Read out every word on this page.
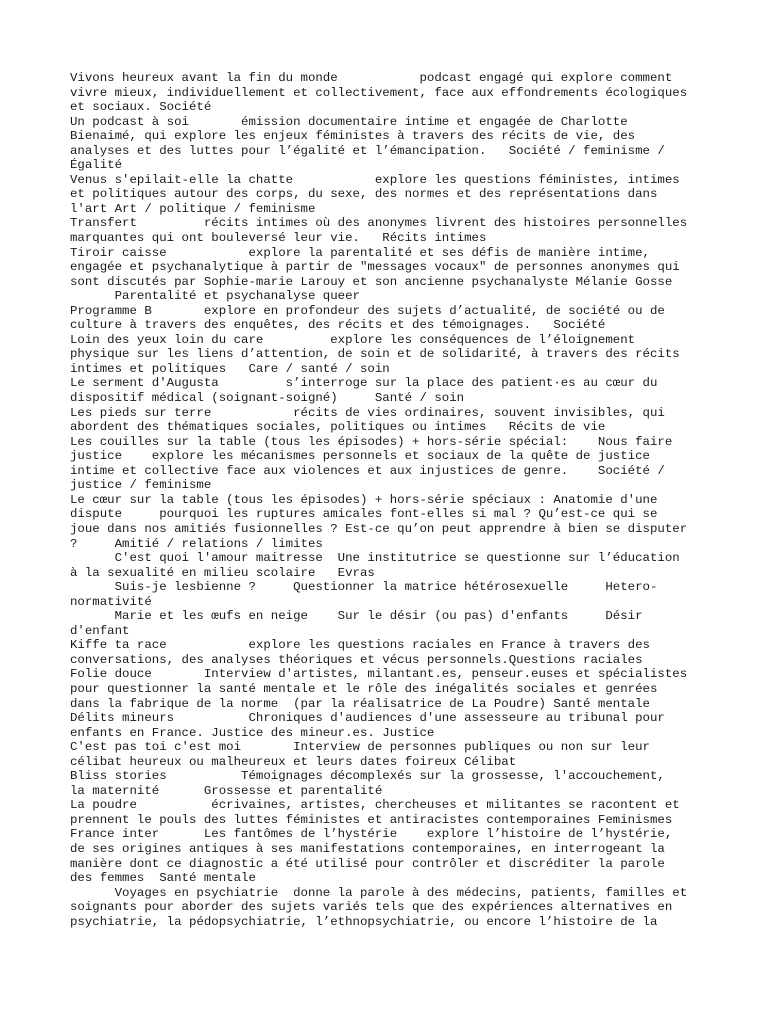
Vivons heureux avant la fin du monde           podcast engagé qui explore comment
vivre mieux, individuellement et collectivement, face aux effondrements écologiques
et sociaux. Société
Un podcast à soi       émission documentaire intime et engagée de Charlotte
Bienaimé, qui explore les enjeux féministes à travers des récits de vie, des
analyses et des luttes pour l’égalité et l’émancipation.   Société / feminisme /
Égalité
Venus s'epilait-elle la chatte           explore les questions féministes, intimes
et politiques autour des corps, du sexe, des normes et des représentations dans
l'art Art / politique / feminisme
Transfert         récits intimes où des anonymes livrent des histoires personnelles
marquantes qui ont bouleversé leur vie.   Récits intimes
Tiroir caisse           explore la parentalité et ses défis de manière intime,
engagée et psychanalytique à partir de "messages vocaux" de personnes anonymes qui
sont discutés par Sophie-marie Larouy et son ancienne psychanalyste Mélanie Gosse
Parentalité et psychanalyse queer
Programme B       explore en profondeur des sujets d’actualité, de société ou de
culture à travers des enquêtes, des récits et des témoignages.   Société
Loin des yeux loin du care         explore les conséquences de l’éloignement
physique sur les liens d’attention, de soin et de solidarité, à travers des récits
intimes et politiques   Care / santé / soin
Le serment d'Augusta         s’interroge sur la place des patient·es au cœur du
dispositif médical (soignant-soigné)     Santé / soin
Les pieds sur terre           récits de vies ordinaires, souvent invisibles, qui
abordent des thématiques sociales, politiques ou intimes   Récits de vie
Les couilles sur la table (tous les épisodes) + hors-série spécial:    Nous faire
justice    explore les mécanismes personnels et sociaux de la quête de justice
intime et collective face aux violences et aux injustices de genre.    Société /
justice / feminisme
Le cœur sur la table (tous les épisodes) + hors-série spéciaux : Anatomie d'une
dispute     pourquoi les ruptures amicales font-elles si mal ? Qu’est-ce qui se
joue dans nos amitiés fusionnelles ? Est-ce qu’on peut apprendre à bien se disputer
?     Amitié / relations / limites
C'est quoi l'amour maitresse  Une institutrice se questionne sur l’éducation
à la sexualité en milieu scolaire   Evras
Suis-je lesbienne ?     Questionner la matrice hétérosexuelle     Hetero-
normativité
Marie et les œufs en neige    Sur le désir (ou pas) d'enfants     Désir
d'enfant
Kiffe ta race           explore les questions raciales en France à travers des
conversations, des analyses théoriques et vécus personnels.Questions raciales
Folie douce       Interview d'artistes, milantant.es, penseur.euses et spécialistes
pour questionner la santé mentale et le rôle des inégalités sociales et genrées
dans la fabrique de la norme  (par la réalisatrice de La Poudre) Santé mentale
Délits mineurs          Chroniques d'audiences d'une assesseure au tribunal pour
enfants en France. Justice des mineur.es. Justice
C'est pas toi c'est moi       Interview de personnes publiques ou non sur leur
célibat heureux ou malheureux et leurs dates foireux Célibat
Bliss stories          Témoignages décomplexés sur la grossesse, l'accouchement,
la maternité      Grossesse et parentalité
La poudre          écrivaines, artistes, chercheuses et militantes se racontent et
prennent le pouls des luttes féministes et antiracistes contemporaines Feminismes
France inter      Les fantômes de l’hystérie    explore l’histoire de l’hystérie,
de ses origines antiques à ses manifestations contemporaines, en interrogeant la
manière dont ce diagnostic a été utilisé pour contrôler et discréditer la parole
des femmes  Santé mentale
Voyages en psychiatrie  donne la parole à des médecins, patients, familles et
soignants pour aborder des sujets variés tels que des expériences alternatives en
psychiatrie, la pédopsychiatrie, l’ethnopsychiatrie, ou encore l’histoire de la
